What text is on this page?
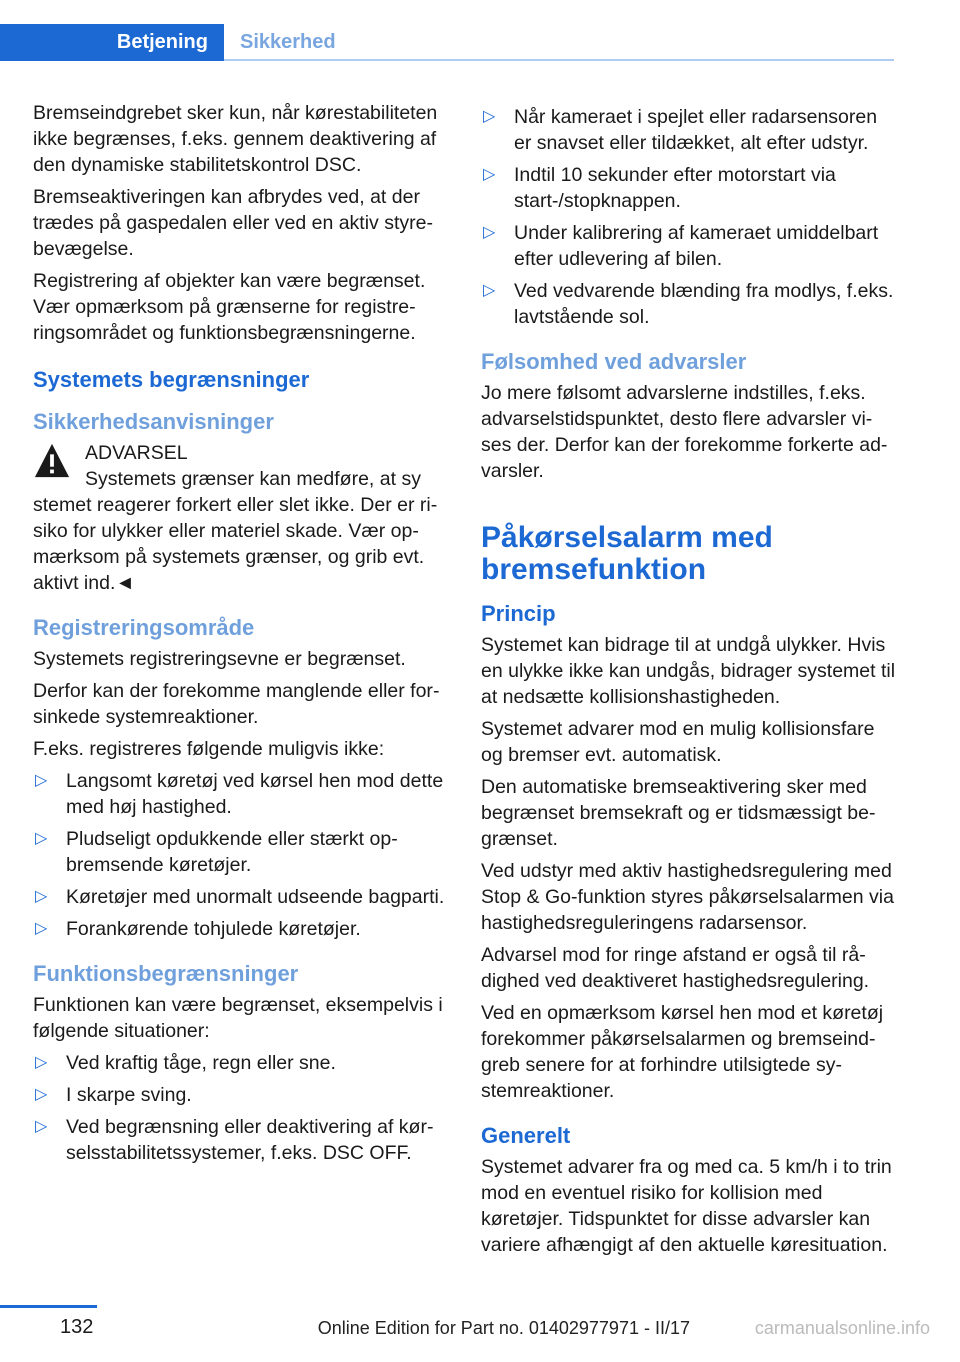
Betjening	Sikkerhed

Bremseindgrebet sker kun, når kørestabiliteten ikke begrænses, f.eks. gennem deaktivering af den dynamiske stabilitetskontrol DSC.

Bremseaktiveringen kan afbrydes ved, at der trædes på gaspedalen eller ved en aktiv styrebevægelse.

Registrering af objekter kan være begrænset. Vær opmærksom på grænserne for registreringsområdet og funktionsbegrænsningerne.

Systemets begrænsninger
Sikkerhedsanvisninger
ADVARSEL
Systemets grænser kan medføre, at sy

stemet reagerer forkert eller slet ikke. Der er risiko for ulykker eller materiel skade. Vær opmærksom på systemets grænser, og grib evt. aktivt ind.◄

Registreringsområde

Systemets registreringsevne er begrænset.

Derfor kan der forekomme manglende eller forsinkede systemreaktioner.

F.eks. registreres følgende muligvis ikke:

▷ Langsomt køretøj ved kørsel hen mod dette med høj hastighed.
▷ Pludseligt opdukkende eller stærkt opbremsende køretøjer.
▷ Køretøjer med unormalt udseende bagparti.
▷ Forankørende tohjulede køretøjer.
Funktionsbegrænsninger

Funktionen kan være begrænset, eksempelvis i følgende situationer:

▷ Ved kraftig tåge, regn eller sne.
▷ I skarpe sving.
▷ Ved begrænsning eller deaktivering af kørselsstabilitetssystemer, f.eks. DSC OFF.
▷ Når kameraet i spejlet eller radarsensoren er snavset eller tildækket, alt efter udstyr.
▷ Indtil 10 sekunder efter motorstart via start-/stopknappen.
▷ Under kalibrering af kameraet umiddelbart efter udlevering af bilen.
▷ Ved vedvarende blænding fra modlys, f.eks. lavtstående sol.
Følsomhed ved advarsler

Jo mere følsomt advarslerne indstilles, f.eks. advarselstidspunktet, desto flere advarsler vises der. Derfor kan der forekomme forkerte advarsler.

Påkørselsalarm med bremsefunktion
Princip

Systemet kan bidrage til at undgå ulykker. Hvis en ulykke ikke kan undgås, bidrager systemet til at nedsætte kollisionshastigheden.

Systemet advarer mod en mulig kollisionsfare og bremser evt. automatisk.

Den automatiske bremseaktivering sker med begrænset bremsekraft og er tidsmæssigt begrænset.

Ved udstyr med aktiv hastighedsregulering med Stop & Go-funktion styres påkørselsalarmen via hastighedsreguleringens radarsensor.

Advarsel mod for ringe afstand er også til rådighed ved deaktiveret hastighedsregulering.

Ved en opmærksom kørsel hen mod et køretøj forekommer påkørselsalarmen og bremseindgreb senere for at forhindre utilsigtede systemreaktioner.

Generelt

Systemet advarer fra og med ca. 5 km/h i to trin mod en eventuel risiko for kollision med køretøjer. Tidspunktet for disse advarsler kan variere afhængigt af den aktuelle køresituation.

132	Online Edition for Part no. 01402977971 - II/17	carmanualsonline.info
